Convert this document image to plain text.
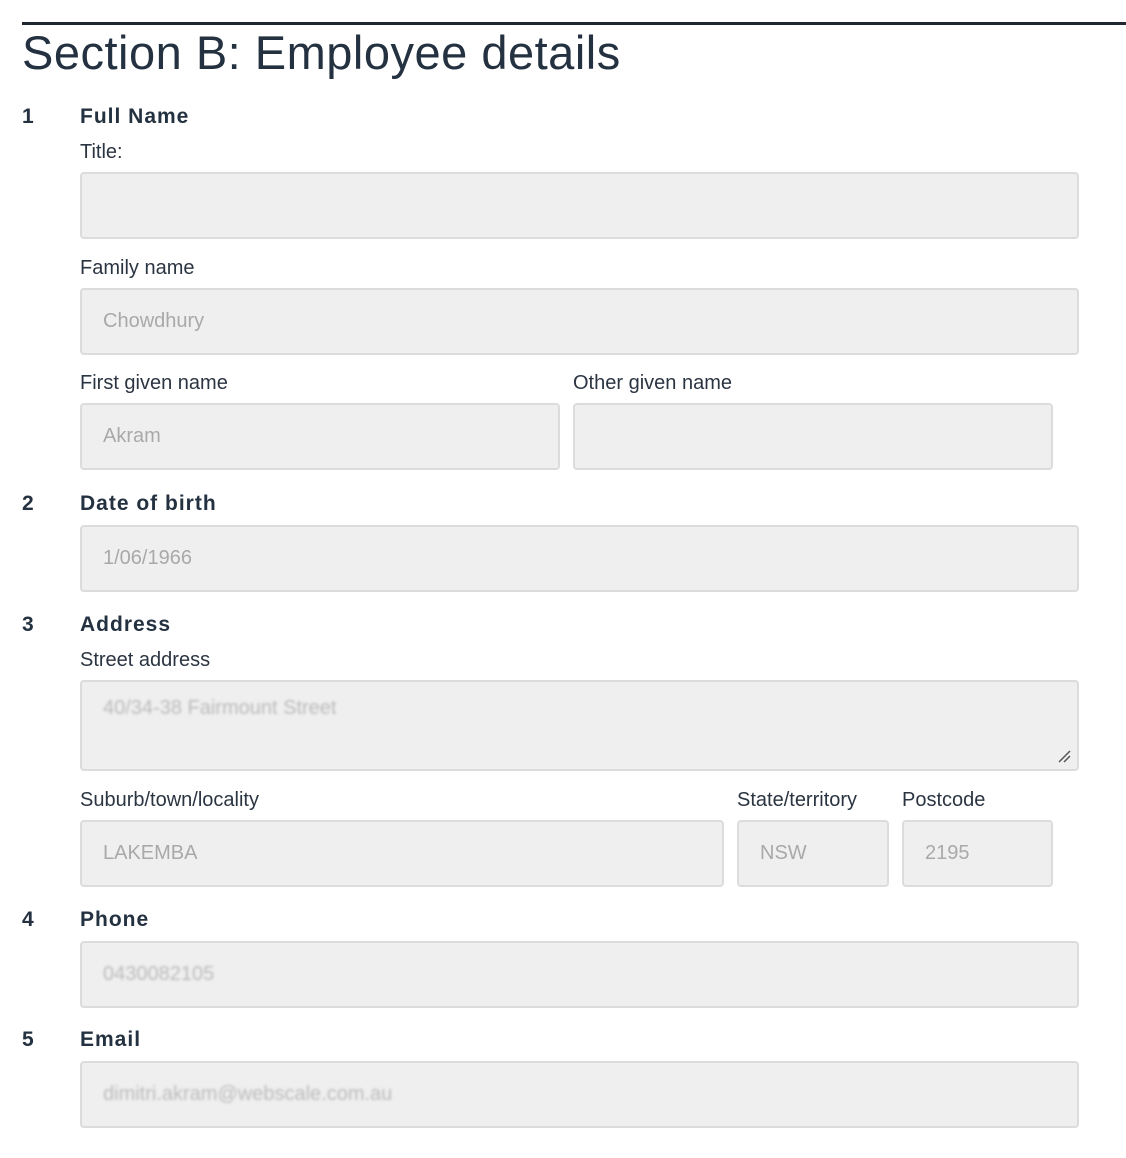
Section B: Employee details
1 Full Name
Title:
Family name
Chowdhury
First given name
Akram
Other given name
2 Date of birth
1/06/1966
3 Address
Street address
40/34-38 Fairmount Street
Suburb/town/locality
LAKEMBA
State/territory
NSW
Postcode
2195
4 Phone
0430082105
5 Email
dimitri.akram@webscale.com.au
